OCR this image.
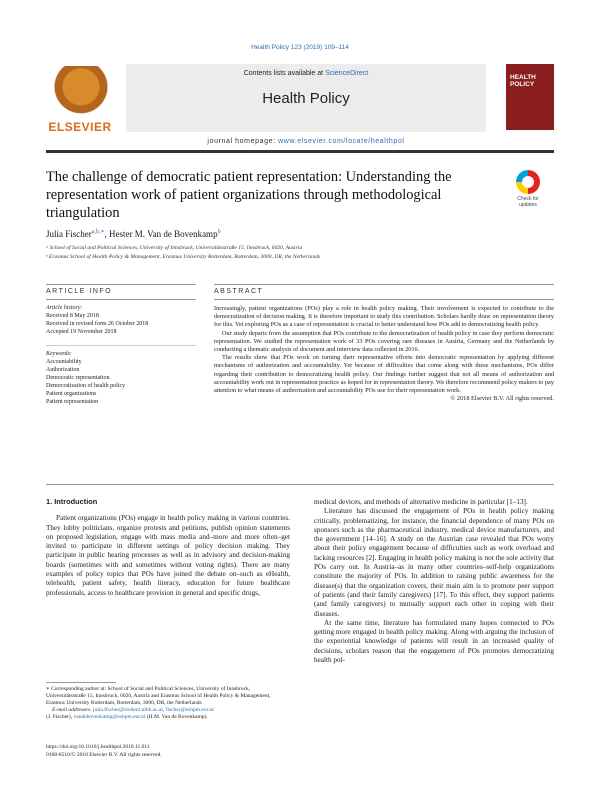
Health Policy 123 (2019) 109–114
ELSEVIER
Contents lists available at ScienceDirect
Health Policy
HEALTH POLICY
journal homepage: www.elsevier.com/locate/healthpol
The challenge of democratic patient representation: Understanding the representation work of patient organizations through methodological triangulation
Check for updates
Julia Fischer$^{a,b,∗}$, Hester M. Van de Bovenkamp$^b$
ᵃ School of Social and Political Sciences, University of Innsbruck, Universitätsstraße 15, Innsbruck, 6020, Austria
ᵇ Erasmus School of Health Policy & Management, Erasmus University Rotterdam, Rotterdam, 3000, DR, the Netherlands
ARTICLE INFO	ABSTRACT
Article history:
Received 8 May 2018
Received in revised form 26 October 2018
Accepted 19 November 2018
Keywords:
Accountability
Authorization
Democratic representation
Democratization of health policy
Patient organizations
Patient representation

Increasingly, patient organizations (POs) play a role in health policy making. Their involvement is expected to contribute to the democratization of decision making. It is therefore important to study this contribution. Scholars hardly draw on representation theory for this. Yet exploring POs as a case of representation is crucial to better understand how POs add to democratizing health policy.

Our study departs from the assumption that POs contribute to the democratization of health policy in case they perform democratic representation. We studied the representation work of 33 POs covering rare diseases in Austria, Germany and the Netherlands by conducting a thematic analysis of document and interview data collected in 2016.

The results show that POs work on turning their representative efforts into democratic representation by applying different mechanisms of authorization and accountability. Yet because of difficulties that come along with these mechanisms, POs differ regarding their contribution to democratizing health policy. Our findings further suggest that not all means of authorization and accountability work out in representation practice as hoped for in representation theory. We therefore recommend policy makers to pay attention to what means of authorization and accountability POs use for their representation work.

© 2018 Elsevier B.V. All rights reserved.
1. Introduction

Patient organizations (POs) engage in health policy making in various countries. They lobby politicians, organize protests and petitions, publish opinion statements on proposed legislation, engage with mass media and–more and more often–get invited to participate in different settings of policy decision making. They participate in public hearing processes as well as in advisory and decision-making boards (sometimes with and sometimes without voting rights). There are many examples of policy topics that POs have joined the debate on–such as eHealth, telehealth, patient safety, health literacy, education for future healthcare professionals, access to healthcare provision in general and specific drugs,

medical devices, and methods of alternative medicine in particular [1–13].

Literature has discussed the engagement of POs in health policy making critically, problematizing, for instance, the financial dependence of many POs on sponsors such as the pharmaceutical industry, medical device manufacturers, and the government [14–16]. A study on the Austrian case revealed that POs worry about their policy engagement because of difficulties such as work overload and lacking resources [2]. Engaging in health policy making is not the sole activity that POs carry out. In Austria–as in many other countries–self-help organizations constitute the majority of POs. In addition to raising public awareness for the disease(s) that the organization covers, their main aim is to promote peer support of patients (and their family caregivers) [17]. To this effect, they support patients (and family caregivers) to mutually support each other in coping with their diseases.

At the same time, literature has formulated many hopes connected to POs getting more engaged in health policy making. Along with arguing the inclusion of the experiential knowledge of patients will result in an increased quality of decisions, scholars reason that the engagement of POs promotes democratizing health pol-

∗ Corresponding author at: School of Social and Political Sciences, University of Innsbruck, Universitätsstraße 15, Innsbruck, 6020, Austria and Erasmus School of Health Policy & Management, Erasmus University Rotterdam, Rotterdam, 3000, DR, the Netherlands
E-mail addresses: julia.fischer@student.uibk.ac.at, fischer@eshpm.eur.nl
(J. Fischer), vandebovenkamp@eshpm.eur.nl (H.M. Van de Bovenkamp).
https://doi.org/10.1016/j.healthpol.2018.11.011
0168-8510/© 2018 Elsevier B.V. All rights reserved.
